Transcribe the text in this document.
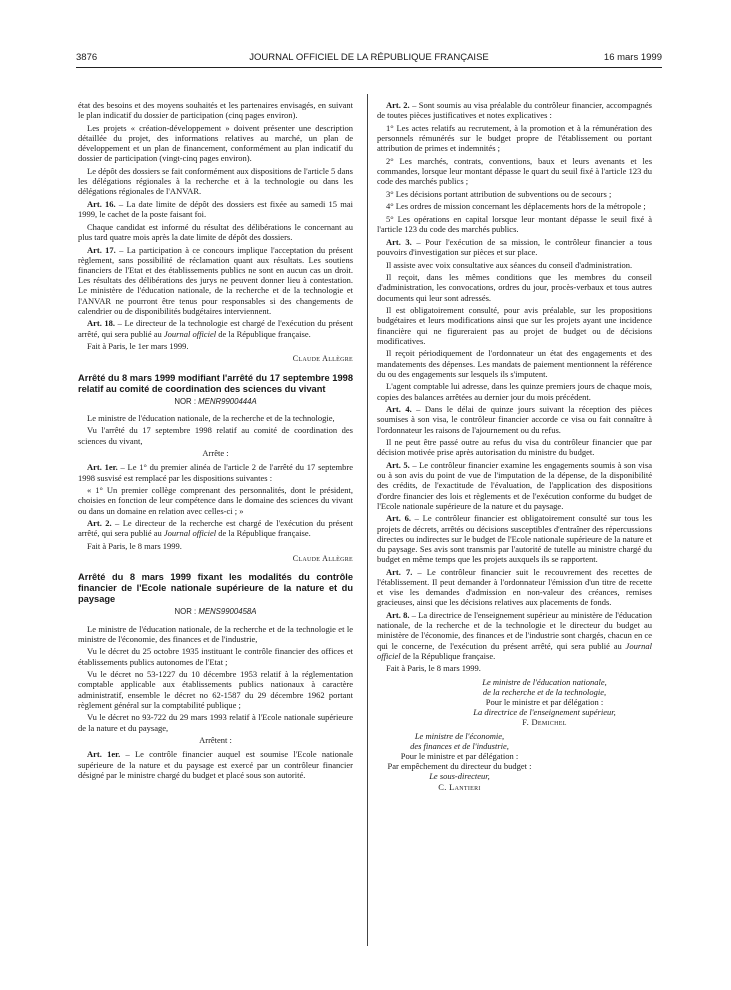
3876	JOURNAL OFFICIEL DE LA RÉPUBLIQUE FRANÇAISE	16 mars 1999

état des besoins et des moyens souhaités et les partenaires envisagés, en suivant le plan indicatif du dossier de participation (cinq pages environ).

Les projets « création-développement » doivent présenter une description détaillée du projet, des informations relatives au marché, un plan de développement et un plan de financement, conformément au plan indicatif du dossier de participation (vingt-cinq pages environ).

Le dépôt des dossiers se fait conformément aux dispositions de l'article 5 dans les délégations régionales à la recherche et à la technologie ou dans les délégations régionales de l'ANVAR.

Art. 16. – La date limite de dépôt des dossiers est fixée au samedi 15 mai 1999, le cachet de la poste faisant foi.

Chaque candidat est informé du résultat des délibérations le concernant au plus tard quatre mois après la date limite de dépôt des dossiers.

Art. 17. – La participation à ce concours implique l'acceptation du présent règlement, sans possibilité de réclamation quant aux résultats. Les soutiens financiers de l'Etat et des établissements publics ne sont en aucun cas un droit. Les résultats des délibérations des jurys ne peuvent donner lieu à contestation. Le ministère de l'éducation nationale, de la recherche et de la technologie et l'ANVAR ne pourront être tenus pour responsables si des changements de calendrier ou de disponibilités budgétaires interviennent.

Art. 18. – Le directeur de la technologie est chargé de l'exécution du présent arrêté, qui sera publié au Journal officiel de la République française.

Fait à Paris, le 1er mars 1999.

Claude Allègre

Arrêté du 8 mars 1999 modifiant l'arrêté du 17 septembre 1998 relatif au comité de coordination des sciences du vivant
NOR : MENR9900444A

Le ministre de l'éducation nationale, de la recherche et de la technologie,

Vu l'arrêté du 17 septembre 1998 relatif au comité de coordination des sciences du vivant,

Arrête :

Art. 1er. – Le 1° du premier alinéa de l'article 2 de l'arrêté du 17 septembre 1998 susvisé est remplacé par les dispositions suivantes :

« 1° Un premier collège comprenant des personnalités, dont le président, choisies en fonction de leur compétence dans le domaine des sciences du vivant ou dans un domaine en relation avec celles-ci ; »

Art. 2. – Le directeur de la recherche est chargé de l'exécution du présent arrêté, qui sera publié au Journal officiel de la République française.

Fait à Paris, le 8 mars 1999.

Claude Allègre

Arrêté du 8 mars 1999 fixant les modalités du contrôle financier de l'Ecole nationale supérieure de la nature et du paysage
NOR : MENS9900458A

Le ministre de l'éducation nationale, de la recherche et de la technologie et le ministre de l'économie, des finances et de l'industrie,

Vu le décret du 25 octobre 1935 instituant le contrôle financier des offices et établissements publics autonomes de l'Etat ;

Vu le décret no 53-1227 du 10 décembre 1953 relatif à la réglementation comptable applicable aux établissements publics nationaux à caractère administratif, ensemble le décret no 62-1587 du 29 décembre 1962 portant règlement général sur la comptabilité publique ;

Vu le décret no 93-722 du 29 mars 1993 relatif à l'Ecole nationale supérieure de la nature et du paysage,

Arrêtent :

Art. 1er. – Le contrôle financier auquel est soumise l'Ecole nationale supérieure de la nature et du paysage est exercé par un contrôleur financier désigné par le ministre chargé du budget et placé sous son autorité.

Art. 2. – Sont soumis au visa préalable du contrôleur financier, accompagnés de toutes pièces justificatives et notes explicatives :

1° Les actes relatifs au recrutement, à la promotion et à la rémunération des personnels rémunérés sur le budget propre de l'établissement ou portant attribution de primes et indemnités ;

2° Les marchés, contrats, conventions, baux et leurs avenants et les commandes, lorsque leur montant dépasse le quart du seuil fixé à l'article 123 du code des marchés publics ;

3° Les décisions portant attribution de subventions ou de secours ;

4° Les ordres de mission concernant les déplacements hors de la métropole ;

5° Les opérations en capital lorsque leur montant dépasse le seuil fixé à l'article 123 du code des marchés publics.

Art. 3. – Pour l'exécution de sa mission, le contrôleur financier a tous pouvoirs d'investigation sur pièces et sur place.

Il assiste avec voix consultative aux séances du conseil d'administration.

Il reçoit, dans les mêmes conditions que les membres du conseil d'administration, les convocations, ordres du jour, procès-verbaux et tous autres documents qui leur sont adressés.

Il est obligatoirement consulté, pour avis préalable, sur les propositions budgétaires et leurs modifications ainsi que sur les projets ayant une incidence financière qui ne figureraient pas au projet de budget ou de décisions modificatives.

Il reçoit périodiquement de l'ordonnateur un état des engagements et des mandatements des dépenses. Les mandats de paiement mentionnent la référence du ou des engagements sur lesquels ils s'imputent.

L'agent comptable lui adresse, dans les quinze premiers jours de chaque mois, copies des balances arrêtées au dernier jour du mois précédent.

Art. 4. – Dans le délai de quinze jours suivant la réception des pièces soumises à son visa, le contrôleur financier accorde ce visa ou fait connaître à l'ordonnateur les raisons de l'ajournement ou du refus.

Il ne peut être passé outre au refus du visa du contrôleur financier que par décision motivée prise après autorisation du ministre du budget.

Art. 5. – Le contrôleur financier examine les engagements soumis à son visa ou à son avis du point de vue de l'imputation de la dépense, de la disponibilité des crédits, de l'exactitude de l'évaluation, de l'application des dispositions d'ordre financier des lois et règlements et de l'exécution conforme du budget de l'Ecole nationale supérieure de la nature et du paysage.

Art. 6. – Le contrôleur financier est obligatoirement consulté sur tous les projets de décrets, arrêtés ou décisions susceptibles d'entraîner des répercussions directes ou indirectes sur le budget de l'Ecole nationale supérieure de la nature et du paysage. Ses avis sont transmis par l'autorité de tutelle au ministre chargé du budget en même temps que les projets auxquels ils se rapportent.

Art. 7. – Le contrôleur financier suit le recouvrement des recettes de l'établissement. Il peut demander à l'ordonnateur l'émission d'un titre de recette et vise les demandes d'admission en non-valeur des créances, remises gracieuses, ainsi que les décisions relatives aux placements de fonds.

Art. 8. – La directrice de l'enseignement supérieur au ministère de l'éducation nationale, de la recherche et de la technologie et le directeur du budget au ministère de l'économie, des finances et de l'industrie sont chargés, chacun en ce qui le concerne, de l'exécution du présent arrêté, qui sera publié au Journal officiel de la République française.

Fait à Paris, le 8 mars 1999.

Le ministre de l'éducation nationale,
de la recherche et de la technologie,
Pour le ministre et par délégation :
La directrice de l'enseignement supérieur,
F. Demichel
Le ministre de l'économie,
des finances et de l'industrie,
Pour le ministre et par délégation :
Par empêchement du directeur du budget :
Le sous-directeur,
C. Lantieri
